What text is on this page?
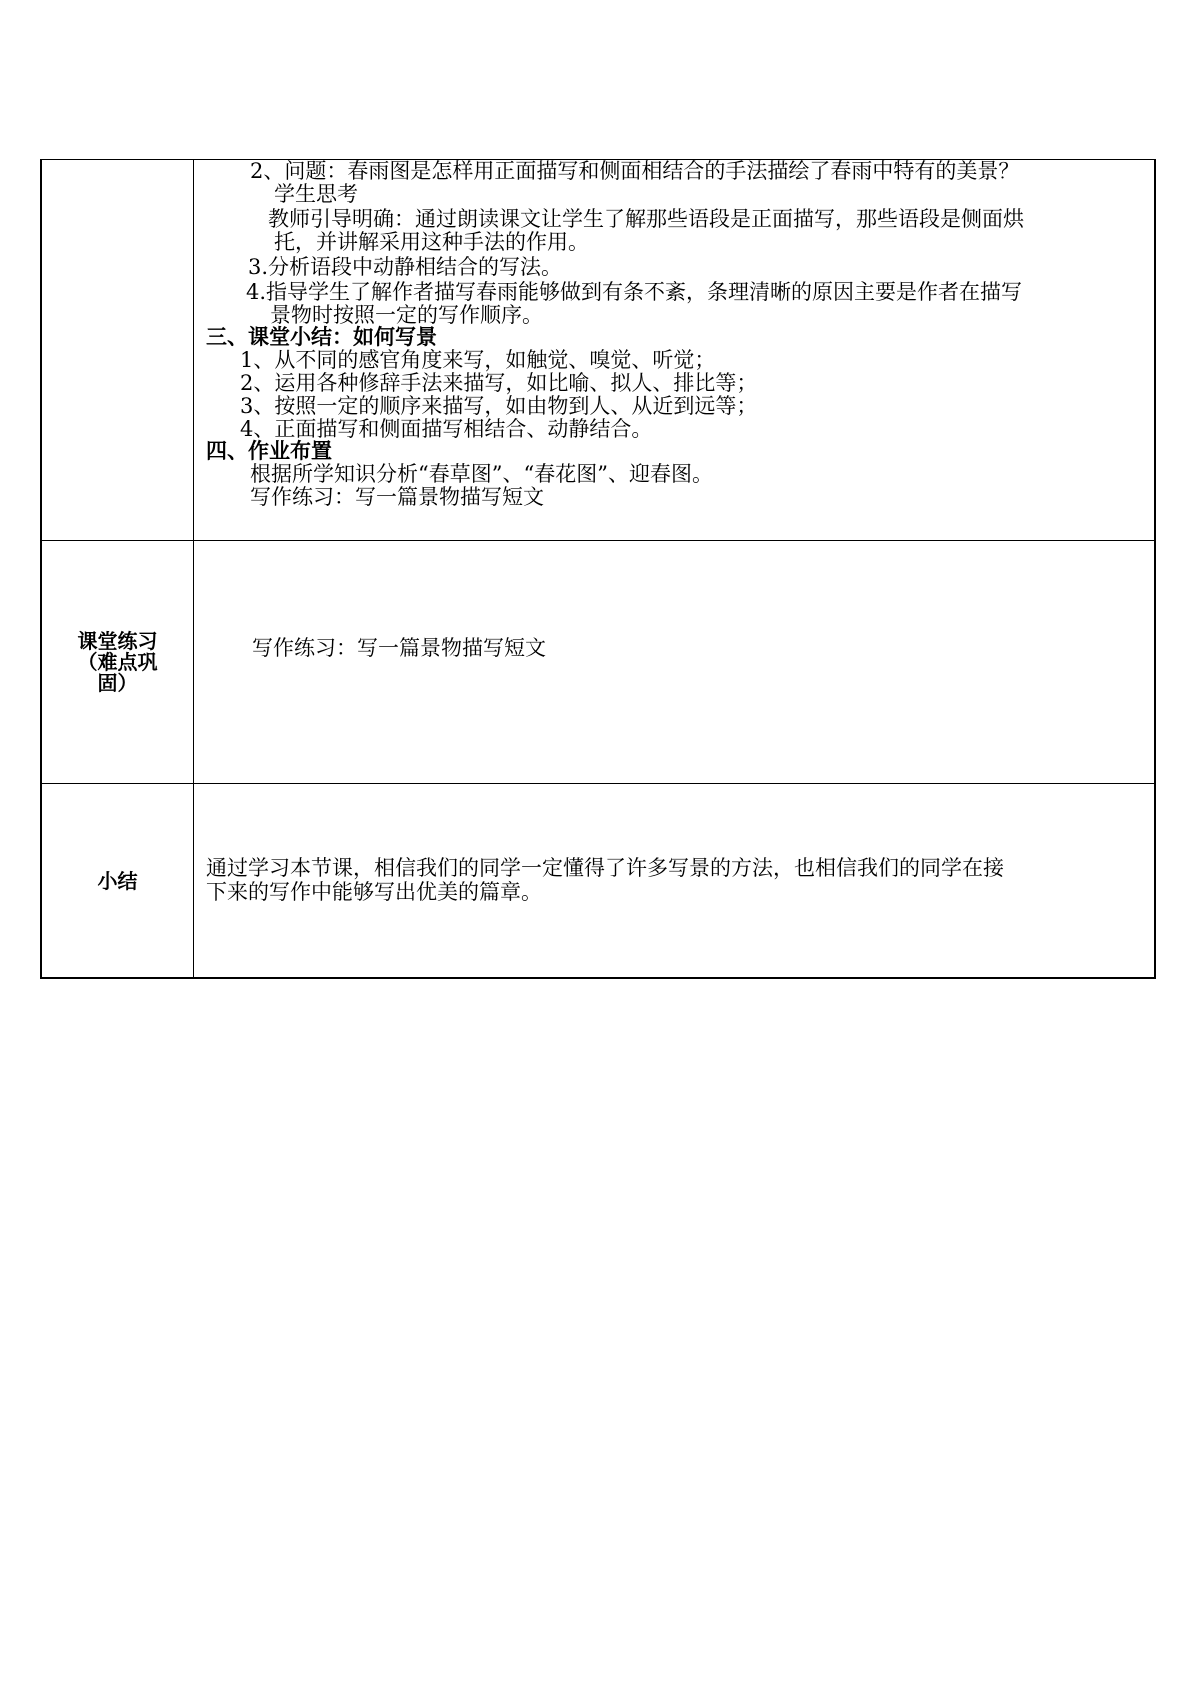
2、问题：春雨图是怎样用正面描写和侧面相结合的手法描绘了春雨中特有的美景？
学生思考
教师引导明确：通过朗读课文让学生了解那些语段是正面描写，那些语段是侧面烘
托，并讲解采用这种手法的作用。
3.分析语段中动静相结合的写法。
4.指导学生了解作者描写春雨能够做到有条不紊，条理清晰的原因主要是作者在描写
景物时按照一定的写作顺序。
三、课堂小结：如何写景
1、从不同的感官角度来写，如触觉、嗅觉、听觉；
2、运用各种修辞手法来描写，如比喻、拟人、排比等；
3、按照一定的顺序来描写，如由物到人、从近到远等；
4、正面描写和侧面描写相结合、动静结合。
四、作业布置
根据所学知识分析“春草图”、“春花图”、迎春图。
写作练习：写一篇景物描写短文
课堂练习
（难点巩
固）
写作练习：写一篇景物描写短文
小结
通过学习本节课，相信我们的同学一定懂得了许多写景的方法，也相信我们的同学在接
下来的写作中能够写出优美的篇章。
